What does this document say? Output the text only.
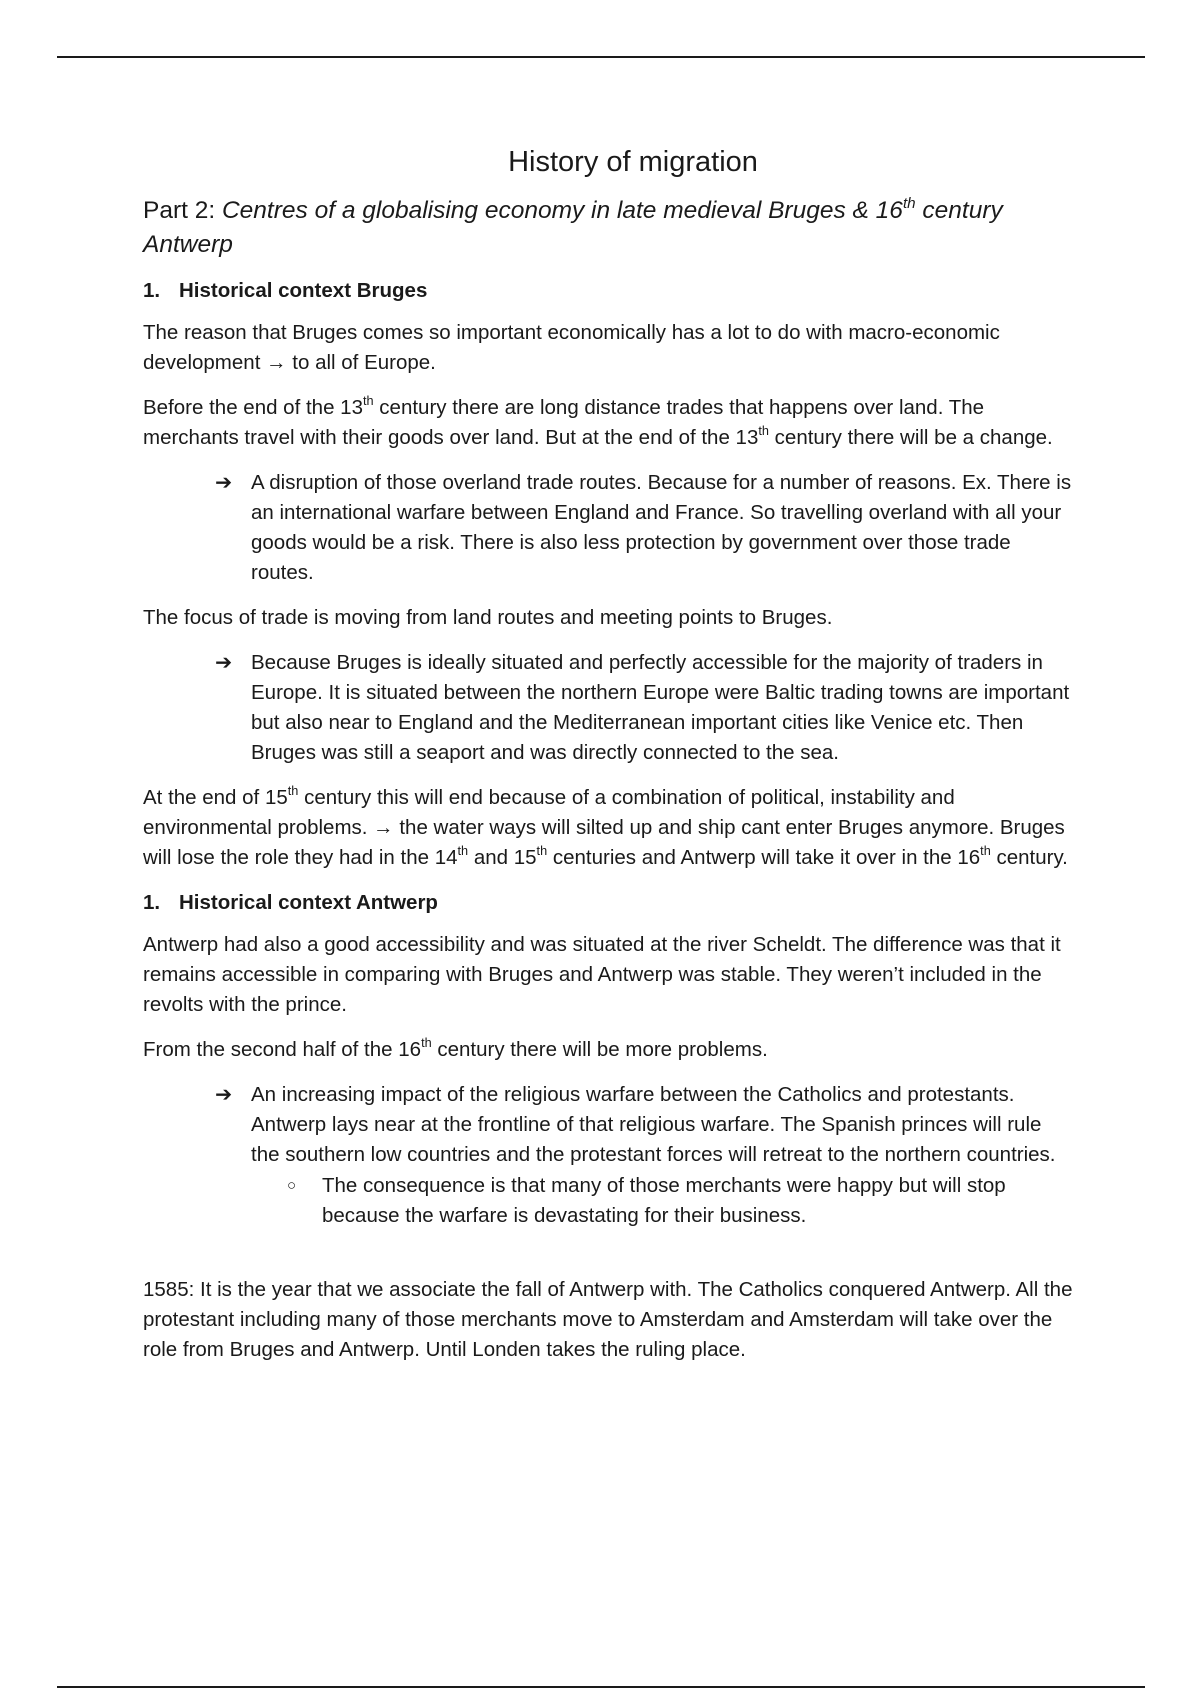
History of migration
Part 2: Centres of a globalising economy in late medieval Bruges & 16th century Antwerp
1. Historical context Bruges

The reason that Bruges comes so important economically has a lot to do with macro-economic development → to all of Europe.

Before the end of the 13th century there are long distance trades that happens over land. The merchants travel with their goods over land. But at the end of the 13th century there will be a change.

➔ A disruption of those overland trade routes. Because for a number of reasons. Ex. There is an international warfare between England and France. So travelling overland with all your goods would be a risk. There is also less protection by government over those trade routes.

The focus of trade is moving from land routes and meeting points to Bruges.

➔ Because Bruges is ideally situated and perfectly accessible for the majority of traders in Europe. It is situated between the northern Europe were Baltic trading towns are important but also near to England and the Mediterranean important cities like Venice etc. Then Bruges was still a seaport and was directly connected to the sea.

At the end of 15th century this will end because of a combination of political, instability and environmental problems. → the water ways will silted up and ship cant enter Bruges anymore. Bruges will lose the role they had in the 14th and 15th centuries and Antwerp will take it over in the 16th century.

1. Historical context Antwerp

Antwerp had also a good accessibility and was situated at the river Scheldt. The difference was that it remains accessible in comparing with Bruges and Antwerp was stable. They weren’t included in the revolts with the prince.

From the second half of the 16th century there will be more problems.

➔ An increasing impact of the religious warfare between the Catholics and protestants. Antwerp lays near at the frontline of that religious warfare. The Spanish princes will rule the southern low countries and the protestant forces will retreat to the northern countries.
○	The consequence is that many of those merchants were happy but will stop because the warfare is devastating for their business.

1585: It is the year that we associate the fall of Antwerp with. The Catholics conquered Antwerp. All the protestant including many of those merchants move to Amsterdam and Amsterdam will take over the role from Bruges and Antwerp. Until Londen takes the ruling place.
